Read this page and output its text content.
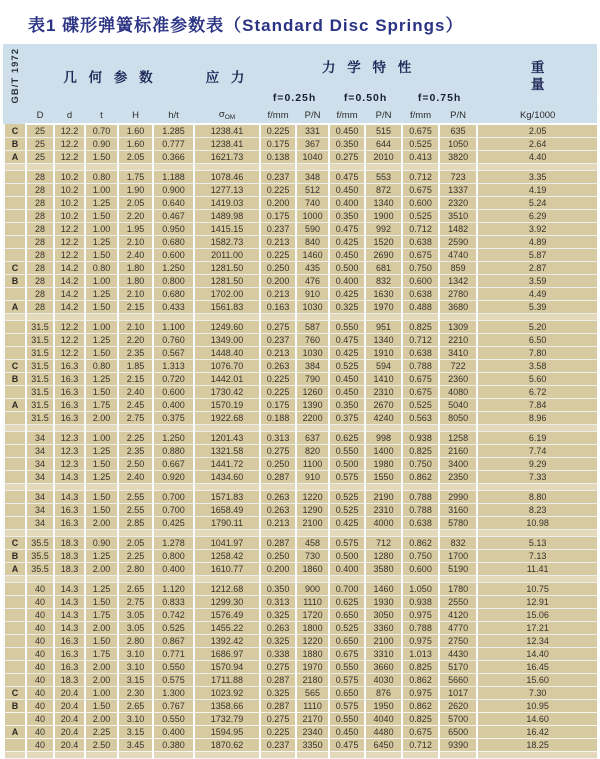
表1 碟形弹簧标准参数表（Standard Disc Springs）
GB/T 1972	几 何 参 数					应 力	力 学 特 性						重量

							f=0.25h		f=0.50h		f=0.75h		
	D	d	t	H	h/t	$\sigma_{OM}$	f/mm	P/N	f/mm	P/N	f/mm	P/N	Kg/1000
C	25	12.2	0.70	1.60	1.285	1238.41	0.225	331	0.450	515	0.675	635	2.05
B	25	12.2	0.90	1.60	0.777	1238.41	0.175	367	0.350	644	0.525	1050	2.64
A	25	12.2	1.50	2.05	0.366	1621.73	0.138	1040	0.275	2010	0.413	3820	4.40

	28	10.2	0.80	1.75	1.188	1078.46	0.237	348	0.475	553	0.712	723	3.35
	28	10.2	1.00	1.90	0.900	1277.13	0.225	512	0.450	872	0.675	1337	4.19
	28	10.2	1.25	2.05	0.640	1419.03	0.200	740	0.400	1340	0.600	2320	5.24
	28	10.2	1.50	2.20	0.467	1489.98	0.175	1000	0.350	1900	0.525	3510	6.29
	28	12.2	1.00	1.95	0.950	1415.15	0.237	590	0.475	992	0.712	1482	3.92
	28	12.2	1.25	2.10	0.680	1582.73	0.213	840	0.425	1520	0.638	2590	4.89
	28	12.2	1.50	2.40	0.600	2011.00	0.225	1460	0.450	2690	0.675	4740	5.87
C	28	14.2	0.80	1.80	1.250	1281.50	0.250	435	0.500	681	0.750	859	2.87
B	28	14.2	1.00	1.80	0.800	1281.50	0.200	476	0.400	832	0.600	1342	3.59
	28	14.2	1.25	2.10	0.680	1702.00	0.213	910	0.425	1630	0.638	2780	4.49
A	28	14.2	1.50	2.15	0.433	1561.83	0.163	1030	0.325	1970	0.488	3680	5.39

	31.5	12.2	1.00	2.10	1.100	1249.60	0.275	587	0.550	951	0.825	1309	5.20
	31.5	12.2	1.25	2.20	0.760	1349.00	0.237	760	0.475	1340	0.712	2210	6.50
	31.5	12.2	1.50	2.35	0.567	1448.40	0.213	1030	0.425	1910	0.638	3410	7.80
C	31.5	16.3	0.80	1.85	1.313	1076.70	0.263	384	0.525	594	0.788	722	3.58
B	31.5	16.3	1.25	2.15	0.720	1442.01	0.225	790	0.450	1410	0.675	2360	5.60
	31.5	16.3	1.50	2.40	0.600	1730.42	0.225	1260	0.450	2310	0.675	4080	6.72
A	31.5	16.3	1.75	2.45	0.400	1570.19	0.175	1390	0.350	2670	0.525	5040	7.84
	31.5	16.3	2.00	2.75	0.375	1922.68	0.188	2200	0.375	4240	0.563	8050	8.96

	34	12.3	1.00	2.25	1.250	1201.43	0.313	637	0.625	998	0.938	1258	6.19
	34	12.3	1.25	2.35	0.880	1321.58	0.275	820	0.550	1400	0.825	2160	7.74
	34	12.3	1.50	2.50	0.667	1441.72	0.250	1100	0.500	1980	0.750	3400	9.29
	34	14.3	1.25	2.40	0.920	1434.60	0.287	910	0.575	1550	0.862	2350	7.33

	34	14.3	1.50	2.55	0.700	1571.83	0.263	1220	0.525	2190	0.788	2990	8.80
	34	16.3	1.50	2.55	0.700	1658.49	0.263	1290	0.525	2310	0.788	3160	8.23
	34	16.3	2.00	2.85	0.425	1790.11	0.213	2100	0.425	4000	0.638	5780	10.98

C	35.5	18.3	0.90	2.05	1.278	1041.97	0.287	458	0.575	712	0.862	832	5.13
B	35.5	18.3	1.25	2.25	0.800	1258.42	0.250	730	0.500	1280	0.750	1700	7.13
A	35.5	18.3	2.00	2.80	0.400	1610.77	0.200	1860	0.400	3580	0.600	5190	11.41

	40	14.3	1.25	2.65	1.120	1212.68	0.350	900	0.700	1460	1.050	1780	10.75
	40	14.3	1.50	2.75	0.833	1299.30	0.313	1110	0.625	1930	0.938	2550	12.91
	40	14.3	1.75	3.05	0.742	1576.49	0.325	1720	0.650	3050	0.975	4120	15.06
	40	14.3	2.00	3.05	0.525	1455.22	0.263	1800	0.525	3360	0.788	4770	17.21
	40	16.3	1.50	2.80	0.867	1392.42	0.325	1220	0.650	2100	0.975	2750	12.34
	40	16.3	1.75	3.10	0.771	1686.97	0.338	1880	0.675	3310	1.013	4430	14.40
	40	16.3	2.00	3.10	0.550	1570.94	0.275	1970	0.550	3660	0.825	5170	16.45
	40	18.3	2.00	3.15	0.575	1711.88	0.287	2180	0.575	4030	0.862	5660	15.60
C	40	20.4	1.00	2.30	1.300	1023.92	0.325	565	0.650	876	0.975	1017	7.30
B	40	20.4	1.50	2.65	0.767	1358.66	0.287	1110	0.575	1950	0.862	2620	10.95
	40	20.4	2.00	3.10	0.550	1732.79	0.275	2170	0.550	4040	0.825	5700	14.60
A	40	20.4	2.25	3.15	0.400	1594.95	0.225	2340	0.450	4480	0.675	6500	16.42
	40	20.4	2.50	3.45	0.380	1870.62	0.237	3350	0.475	6450	0.712	9390	18.25
